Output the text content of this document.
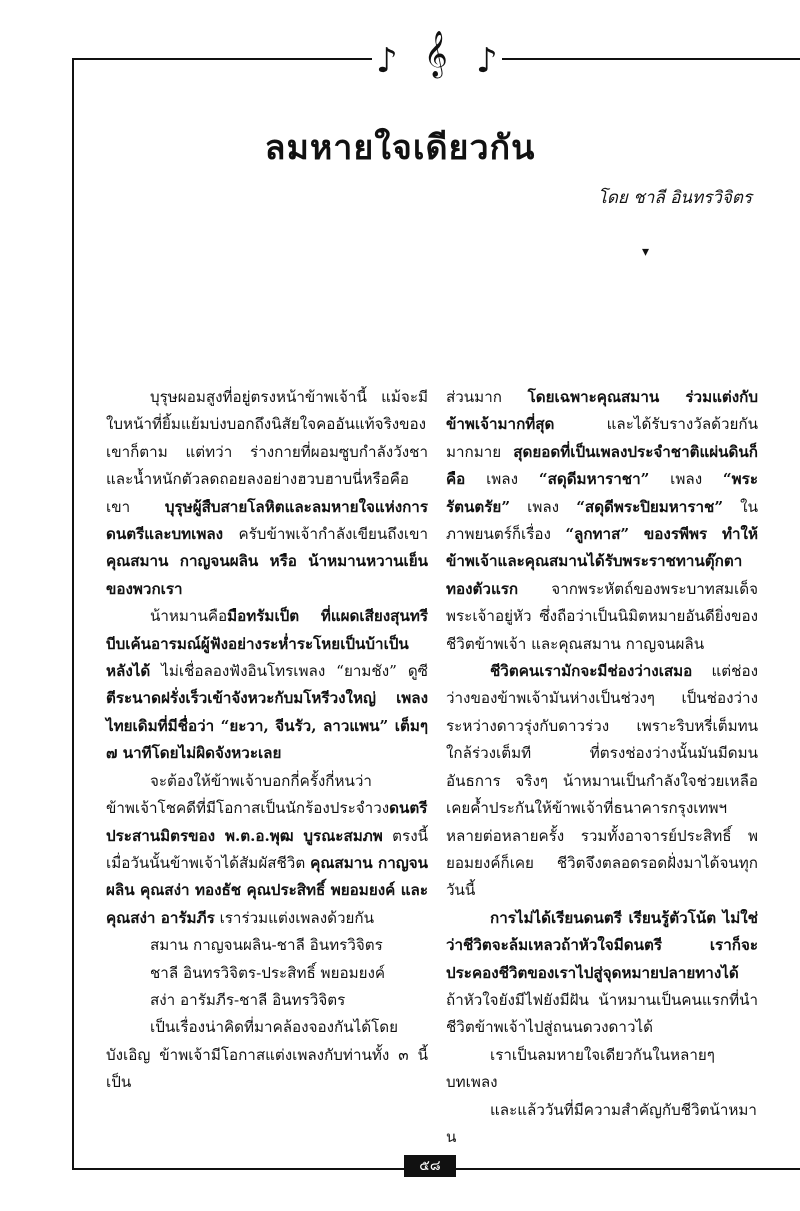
♪ 𝄞 ♪
ลมหายใจเดียวกัน
โดย ชาลี อินทรวิจิตร
▾

บุรุษผอมสูงที่อยู่ตรงหน้าข้าพเจ้านี้ แม้จะมีใบหน้าที่ยิ้มแย้มบ่งบอกถึงนิสัยใจคออันแท้จริงของเขาก็ตาม แต่ทว่า ร่างกายที่ผอมซูบกำลังวังชาและน้ำหนักตัวลดถอยลงอย่างฮวบฮาบนี่หรือคือเขา บุรุษผู้สืบสายโลหิตและลมหายใจแห่งการดนตรีและบทเพลง ครับข้าพเจ้ากำลังเขียนถึงเขา คุณสมาน กาญจนผลิน หรือ น้าหมานหวานเย็นของพวกเรา

น้าหมานคือมือทรัมเป็ต ที่แผดเสียงสุนทรีบีบเค้นอารมณ์ผู้ฟังอย่างระห่ำระโหยเป็นบ้าเป็นหลังได้ ไม่เชื่อลองฟังอินโทรเพลง “ยามชัง” ดูซี ตีระนาดฝรั่งเร็วเข้าจังหวะกับมโหรีวงใหญ่ เพลงไทยเดิมที่มีชื่อว่า “ยะวา, จีนรัว, ลาวแพน” เต็มๆ ๗ นาทีโดยไม่ผิดจังหวะเลย

จะต้องให้ข้าพเจ้าบอกกี่ครั้งกี่หนว่า ข้าพเจ้าโชคดีที่มีโอกาสเป็นนักร้องประจำวงดนตรีประสานมิตรของ พ.ต.อ.พุฒ บูรณะสมภพ ตรงนี้เมื่อวันนั้นข้าพเจ้าได้สัมผัสชีวิต คุณสมาน กาญจนผลิน คุณสง่า ทองธัช คุณประสิทธิ์ พยอมยงค์ และคุณสง่า อารัมภีร เราร่วมแต่งเพลงด้วยกัน

สมาน กาญจนผลิน-ชาลี อินทรวิจิตร

ชาลี อินทรวิจิตร-ประสิทธิ์ พยอมยงค์

สง่า อารัมภีร-ชาลี อินทรวิจิตร

เป็นเรื่องน่าคิดที่มาคล้องจองกันได้โดยบังเอิญ ข้าพเจ้ามีโอกาสแต่งเพลงกับท่านทั้ง ๓ นี้เป็น

ส่วนมาก โดยเฉพาะคุณสมาน ร่วมแต่งกับข้าพเจ้ามากที่สุด และได้รับรางวัลด้วยกันมากมาย สุดยอดที่เป็นเพลงประจำชาติแผ่นดินก็คือ เพลง “สดุดีมหาราชา” เพลง “พระรัตนตรัย” เพลง “สดุดีพระปิยมหาราช” ในภาพยนตร์ก็เรื่อง “ลูกทาส” ของรพีพร ทำให้ข้าพเจ้าและคุณสมานได้รับพระราชทานตุ๊กตาทองตัวแรก จากพระหัตถ์ของพระบาทสมเด็จพระเจ้าอยู่หัว ซึ่งถือว่าเป็นนิมิตหมายอันดียิ่งของชีวิตข้าพเจ้า และคุณสมาน กาญจนผลิน

ชีวิตคนเรามักจะมีช่องว่างเสมอ แต่ช่องว่างของข้าพเจ้ามันห่างเป็นช่วงๆ เป็นช่องว่างระหว่างดาวรุ่งกับดาวร่วง เพราะริบหรี่เต็มทนใกล้ร่วงเต็มที ที่ตรงช่องว่างนั้นมันมีดมนอันธการ จริงๆ น้าหมานเป็นกำลังใจช่วยเหลือ เคยค้ำประกันให้ข้าพเจ้าที่ธนาคารกรุงเทพฯ หลายต่อหลายครั้ง รวมทั้งอาจารย์ประสิทธิ์ พยอมยงค์ก็เคย ชีวิตจึงตลอดรอดฝั่งมาได้จนทุกวันนี้

การไม่ได้เรียนดนตรี เรียนรู้ตัวโน้ต ไม่ใช่ว่าชีวิตจะล้มเหลวถ้าหัวใจมีดนตรี เราก็จะประคองชีวิตของเราไปสู่จุดหมายปลายทางได้ ถ้าหัวใจยังมีไฟยังมีฝัน น้าหมานเป็นคนแรกที่นำชีวิตข้าพเจ้าไปสู่ถนนดวงดาวได้

เราเป็นลมหายใจเดียวกันในหลายๆ บทเพลง

และแล้ววันที่มีความสำคัญกับชีวิตน้าหมาน

๕๘
